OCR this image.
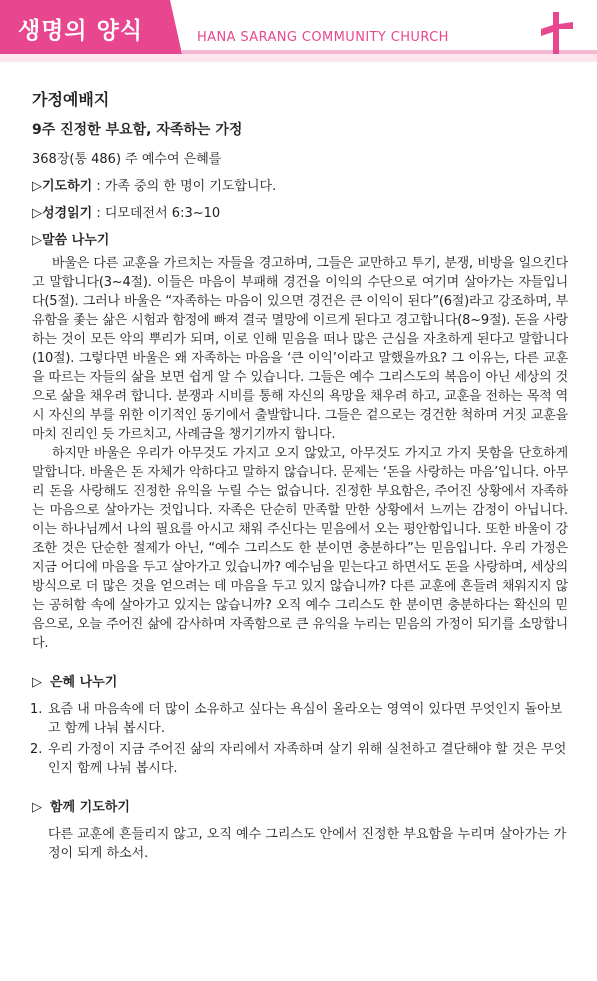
생명의 양식	HANA SARANG COMMUNITY CHURCH
가정예배지
9주 진정한 부요함, 자족하는 가정
368장(통 486) 주 예수여 은혜를
▷기도하기 : 가족 중의 한 명이 기도합니다.
▷성경읽기 : 디모데전서 6:3~10
▷말씀 나누기

바울은 다른 교훈을 가르치는 자들을 경고하며, 그들은 교만하고 투기, 분쟁, 비방을 일으킨다고 말합니다(3~4절). 이들은 마음이 부패해 경건을 이익의 수단으로 여기며 살아가는 자들입니다(5절). 그러나 바울은 “자족하는 마음이 있으면 경건은 큰 이익이 된다”(6절)라고 강조하며, 부유함을 좇는 삶은 시험과 함정에 빠져 결국 멸망에 이르게 된다고 경고합니다(8~9절). 돈을 사랑하는 것이 모든 악의 뿌리가 되며, 이로 인해 믿음을 떠나 많은 근심을 자초하게 된다고 말합니다(10절). 그렇다면 바울은 왜 자족하는 마음을 ‘큰 이익’이라고 말했을까요? 그 이유는, 다른 교훈을 따르는 자들의 삶을 보면 쉽게 알 수 있습니다. 그들은 예수 그리스도의 복음이 아닌 세상의 것으로 삶을 채우려 합니다. 분쟁과 시비를 통해 자신의 욕망을 채우려 하고, 교훈을 전하는 목적 역시 자신의 부를 위한 이기적인 동기에서 출발합니다. 그들은 겉으로는 경건한 척하며 거짓 교훈을 마치 진리인 듯 가르치고, 사례금을 챙기기까지 합니다.

하지만 바울은 우리가 아무것도 가지고 오지 않았고, 아무것도 가지고 가지 못함을 단호하게 말합니다. 바울은 돈 자체가 악하다고 말하지 않습니다. 문제는 ‘돈을 사랑하는 마음’입니다. 아무리 돈을 사랑해도 진정한 유익을 누릴 수는 없습니다. 진정한 부요함은, 주어진 상황에서 자족하는 마음으로 살아가는 것입니다. 자족은 단순히 만족할 만한 상황에서 느끼는 감정이 아닙니다. 이는 하나님께서 나의 필요를 아시고 채워 주신다는 믿음에서 오는 평안함입니다. 또한 바울이 강조한 것은 단순한 절제가 아닌, “예수 그리스도 한 분이면 충분하다”는 믿음입니다. 우리 가정은 지금 어디에 마음을 두고 살아가고 있습니까? 예수님을 믿는다고 하면서도 돈을 사랑하며, 세상의 방식으로 더 많은 것을 얻으려는 데 마음을 두고 있지 않습니까? 다른 교훈에 흔들려 채워지지 않는 공허함 속에 살아가고 있지는 않습니까? 오직 예수 그리스도 한 분이면 충분하다는 확신의 믿음으로, 오늘 주어진 삶에 감사하며 자족함으로 큰 유익을 누리는 믿음의 가정이 되기를 소망합니다.

▷ 은혜 나누기
1. 요즘 내 마음속에 더 많이 소유하고 싶다는 욕심이 올라오는 영역이 있다면 무엇인지 돌아보고 함께 나눠 봅시다.
2. 우리 가정이 지금 주어진 삶의 자리에서 자족하며 살기 위해 실천하고 결단해야 할 것은 무엇인지 함께 나눠 봅시다.
▷ 함께 기도하기

다른 교훈에 흔들리지 않고, 오직 예수 그리스도 안에서 진정한 부요함을 누리며 살아가는 가정이 되게 하소서.
